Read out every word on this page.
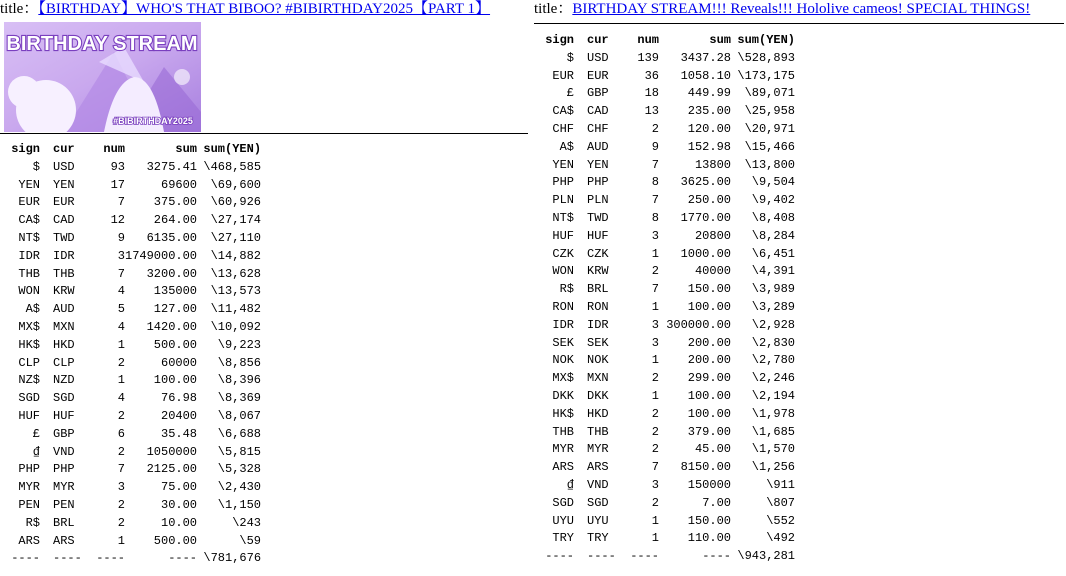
title：【BIRTHDAY】WHO'S THAT BIBOO? #BIBIRTHDAY2025【PART 1】
BIRTHDAY STREAM
#BIBIRTHDAY2025
sign	cur	num	sum	sum(YEN)
$	USD	93	3275.41	\468,585
YEN	YEN	17	69600	\69,600
EUR	EUR	7	375.00	\60,926
CA$	CAD	12	264.00	\27,174
NT$	TWD	9	6135.00	\27,110
IDR	IDR	3	1749000.00	\14,882
THB	THB	7	3200.00	\13,628
WON	KRW	4	135000	\13,573
A$	AUD	5	127.00	\11,482
MX$	MXN	4	1420.00	\10,092
HK$	HKD	1	500.00	\9,223
CLP	CLP	2	60000	\8,856
NZ$	NZD	1	100.00	\8,396
SGD	SGD	4	76.98	\8,369
HUF	HUF	2	20400	\8,067
£	GBP	6	35.48	\6,688
₫	VND	2	1050000	\5,815
PHP	PHP	7	2125.00	\5,328
MYR	MYR	3	75.00	\2,430
PEN	PEN	2	30.00	\1,150
R$	BRL	2	10.00	\243
ARS	ARS	1	500.00	\59
----	----	----	----	\781,676
title：BIRTHDAY STREAM!!! Reveals!!! Hololive cameos! SPECIAL THINGS!
sign	cur	num	sum	sum(YEN)
$	USD	139	3437.28	\528,893
EUR	EUR	36	1058.10	\173,175
£	GBP	18	449.99	\89,071
CA$	CAD	13	235.00	\25,958
CHF	CHF	2	120.00	\20,971
A$	AUD	9	152.98	\15,466
YEN	YEN	7	13800	\13,800
PHP	PHP	8	3625.00	\9,504
PLN	PLN	7	250.00	\9,402
NT$	TWD	8	1770.00	\8,408
HUF	HUF	3	20800	\8,284
CZK	CZK	1	1000.00	\6,451
WON	KRW	2	40000	\4,391
R$	BRL	7	150.00	\3,989
RON	RON	1	100.00	\3,289
IDR	IDR	3	300000.00	\2,928
SEK	SEK	3	200.00	\2,830
NOK	NOK	1	200.00	\2,780
MX$	MXN	2	299.00	\2,246
DKK	DKK	1	100.00	\2,194
HK$	HKD	2	100.00	\1,978
THB	THB	2	379.00	\1,685
MYR	MYR	2	45.00	\1,570
ARS	ARS	7	8150.00	\1,256
₫	VND	3	150000	\911
SGD	SGD	2	7.00	\807
UYU	UYU	1	150.00	\552
TRY	TRY	1	110.00	\492
----	----	----	----	\943,281
